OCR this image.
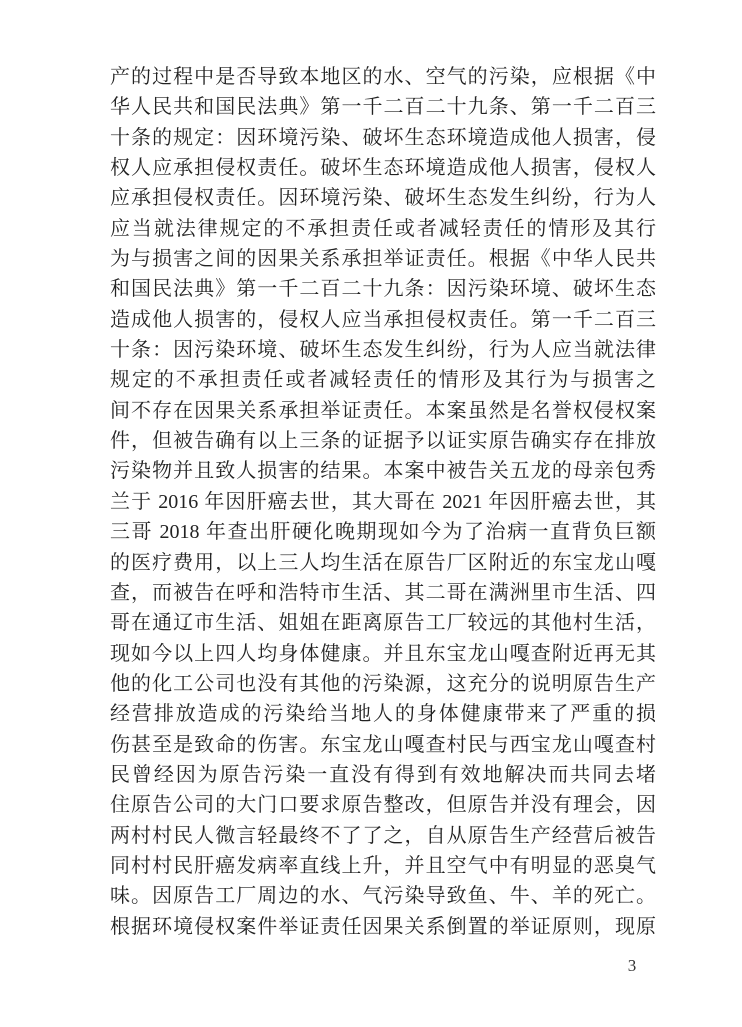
产的过程中是否导致本地区的水、空气的污染，应根据《中
华人民共和国民法典》第一千二百二十九条、第一千二百三
十条的规定：因环境污染、破坏生态环境造成他人损害，侵
权人应承担侵权责任。破坏生态环境造成他人损害，侵权人
应承担侵权责任。因环境污染、破坏生态发生纠纷，行为人
应当就法律规定的不承担责任或者减轻责任的情形及其行
为与损害之间的因果关系承担举证责任。根据《中华人民共
和国民法典》第一千二百二十九条：因污染环境、破坏生态
造成他人损害的，侵权人应当承担侵权责任。第一千二百三
十条：因污染环境、破坏生态发生纠纷，行为人应当就法律
规定的不承担责任或者减轻责任的情形及其行为与损害之
间不存在因果关系承担举证责任。本案虽然是名誉权侵权案
件，但被告确有以上三条的证据予以证实原告确实存在排放
污染物并且致人损害的结果。本案中被告关五龙的母亲包秀
兰于 2016 年因肝癌去世，其大哥在 2021 年因肝癌去世，其
三哥 2018 年查出肝硬化晚期现如今为了治病一直背负巨额
的医疗费用，以上三人均生活在原告厂区附近的东宝龙山嘎
查，而被告在呼和浩特市生活、其二哥在满洲里市生活、四
哥在通辽市生活、姐姐在距离原告工厂较远的其他村生活，
现如今以上四人均身体健康。并且东宝龙山嘎查附近再无其
他的化工公司也没有其他的污染源，这充分的说明原告生产
经营排放造成的污染给当地人的身体健康带来了严重的损
伤甚至是致命的伤害。东宝龙山嘎查村民与西宝龙山嘎查村
民曾经因为原告污染一直没有得到有效地解决而共同去堵
住原告公司的大门口要求原告整改，但原告并没有理会，因
两村村民人微言轻最终不了了之，自从原告生产经营后被告
同村村民肝癌发病率直线上升，并且空气中有明显的恶臭气
味。因原告工厂周边的水、气污染导致鱼、牛、羊的死亡。
根据环境侵权案件举证责任因果关系倒置的举证原则，现原
3
